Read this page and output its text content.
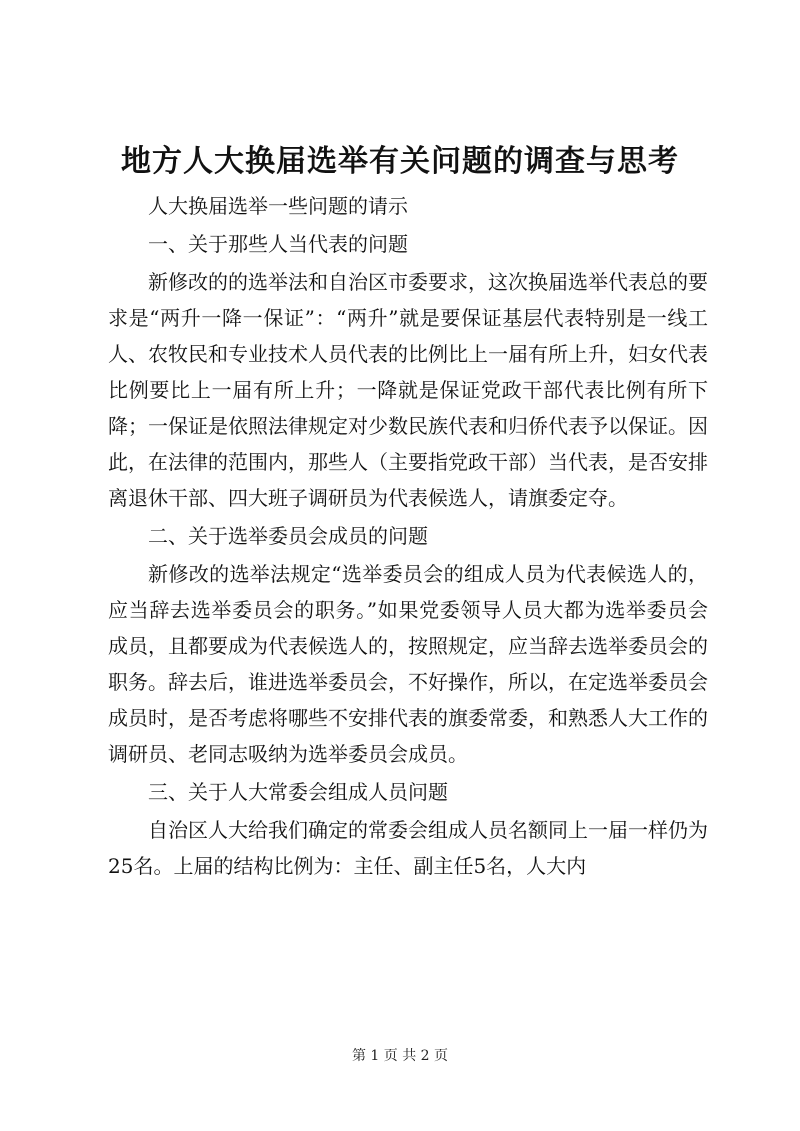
地方人大换届选举有关问题的调查与思考

人大换届选举一些问题的请示

一、关于那些人当代表的问题

新修改的的选举法和自治区市委要求，这次换届选举代表总的要求是“两升一降一保证”：“两升”就是要保证基层代表特别是一线工人、农牧民和专业技术人员代表的比例比上一届有所上升，妇女代表比例要比上一届有所上升；一降就是保证党政干部代表比例有所下降；一保证是依照法律规定对少数民族代表和归侨代表予以保证。因此，在法律的范围内，那些人（主要指党政干部）当代表，是否安排离退休干部、四大班子调研员为代表候选人，请旗委定夺。

二、关于选举委员会成员的问题

新修改的选举法规定“选举委员会的组成人员为代表候选人的，应当辞去选举委员会的职务。”如果党委领导人员大都为选举委员会成员，且都要成为代表候选人的，按照规定，应当辞去选举委员会的职务。辞去后，谁进选举委员会，不好操作，所以，在定选举委员会成员时，是否考虑将哪些不安排代表的旗委常委，和熟悉人大工作的调研员、老同志吸纳为选举委员会成员。

三、关于人大常委会组成人员问题

自治区人大给我们确定的常委会组成人员名额同上一届一样仍为25名。上届的结构比例为：主任、副主任5名，人大内

第 1 页 共 2 页
